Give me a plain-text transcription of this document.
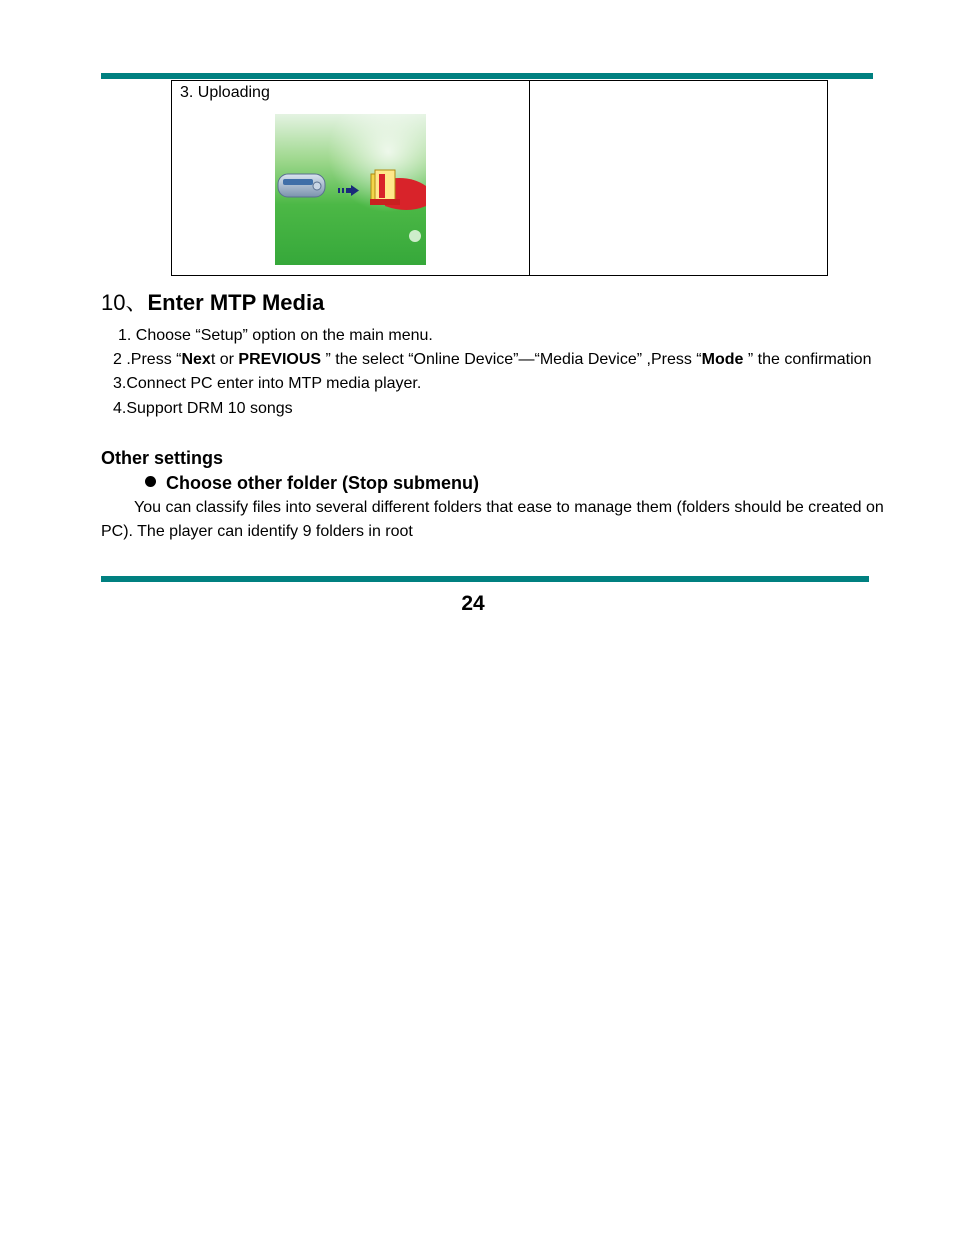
3. Uploading
10、Enter MTP Media
1. Choose “Setup” option on the main menu.
2 .Press “Next or PREVIOUS ” the select “Online Device”—“Media Device” ,Press “Mode ” the confirmation
3.Connect PC enter into MTP media player.
4.Support DRM 10 songs
Other settings
Choose other folder (Stop submenu)
You can classify files into several different folders that ease to manage them (folders should be created on PC). The player can identify 9 folders in root
24
